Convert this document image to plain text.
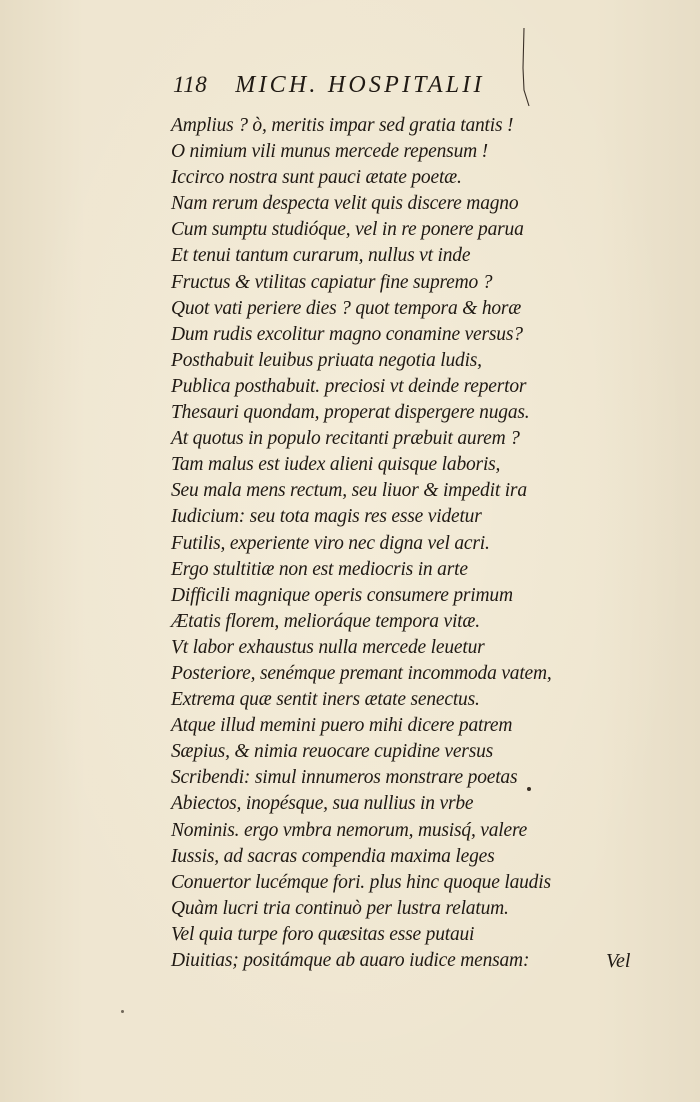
118 MICH. HOSPITALII
Amplius ? ò, meritis impar sed gratia tantis !
O nimium vili munus mercede repensum !
Iccirco nostra sunt pauci ætate poetæ.
Nam rerum despecta velit quis discere magno
Cum sumptu studióque, vel in re ponere parua
Et tenui tantum curarum, nullus vt inde
Fructus & vtilitas capiatur fine supremo ?
Quot vati periere dies ? quot tempora & horæ
Dum rudis excolitur magno conamine versus?
Posthabuit leuibus priuata negotia ludis,
Publica posthabuit. preciosi vt deinde repertor
Thesauri quondam, properat dispergere nugas.
At quotus in populo recitanti præbuit aurem ?
Tam malus est iudex alieni quisque laboris,
Seu mala mens rectum, seu liuor & impedit ira
Iudicium: seu tota magis res esse videtur
Futilis, experiente viro nec digna vel acri.
Ergo stultitiæ non est mediocris in arte
Difficili magnique operis consumere primum
Ætatis florem, melioráque tempora vitæ.
Vt labor exhaustus nulla mercede leuetur
Posteriore, senémque premant incommoda vatem,
Extrema quæ sentit iners ætate senectus.
Atque illud memini puero mihi dicere patrem
Sæpius, & nimia reuocare cupidine versus
Scribendi: simul innumeros monstrare poetas
Abiectos, inopésque, sua nullius in vrbe
Nominis. ergo vmbra nemorum, musisq́, valere
Iussis, ad sacras compendia maxima leges
Conuertor lucémque fori. plus hinc quoque laudis
Quàm lucri tria continuò per lustra relatum.
Vel quia turpe foro quæsitas esse putaui
Diuitias; positámque ab auaro iudice mensam:	Vel
